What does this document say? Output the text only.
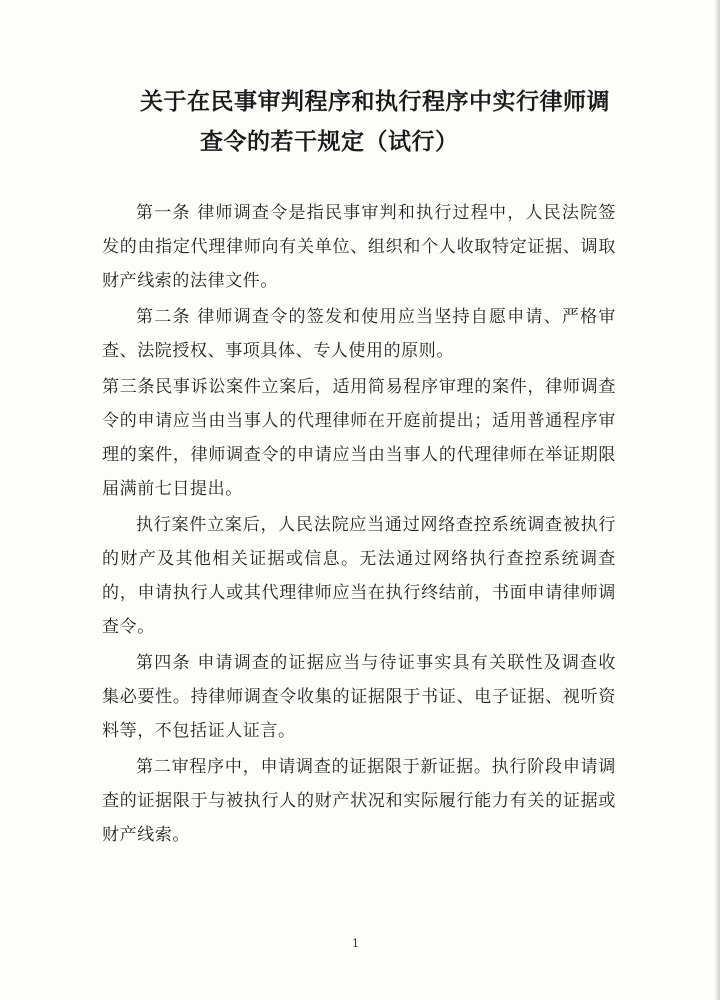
关于在民事审判程序和执行程序中实行律师调
查令的若干规定（试行）

第一条 律师调查令是指民事审判和执行过程中，人民法院签发的由指定代理律师向有关单位、组织和个人收取特定证据、调取财产线索的法律文件。

第二条 律师调查令的签发和使用应当坚持自愿申请、严格审查、法院授权、事项具体、专人使用的原则。

第三条民事诉讼案件立案后，适用简易程序审理的案件，律师调查令的申请应当由当事人的代理律师在开庭前提出；适用普通程序审理的案件，律师调查令的申请应当由当事人的代理律师在举证期限届满前七日提出。

执行案件立案后，人民法院应当通过网络查控系统调查被执行的财产及其他相关证据或信息。无法通过网络执行查控系统调查的，申请执行人或其代理律师应当在执行终结前，书面申请律师调查令。

第四条 申请调查的证据应当与待证事实具有关联性及调查收集必要性。持律师调查令收集的证据限于书证、电子证据、视听资料等，不包括证人证言。

第二审程序中，申请调查的证据限于新证据。执行阶段申请调查的证据限于与被执行人的财产状况和实际履行能力有关的证据或财产线索。

1
